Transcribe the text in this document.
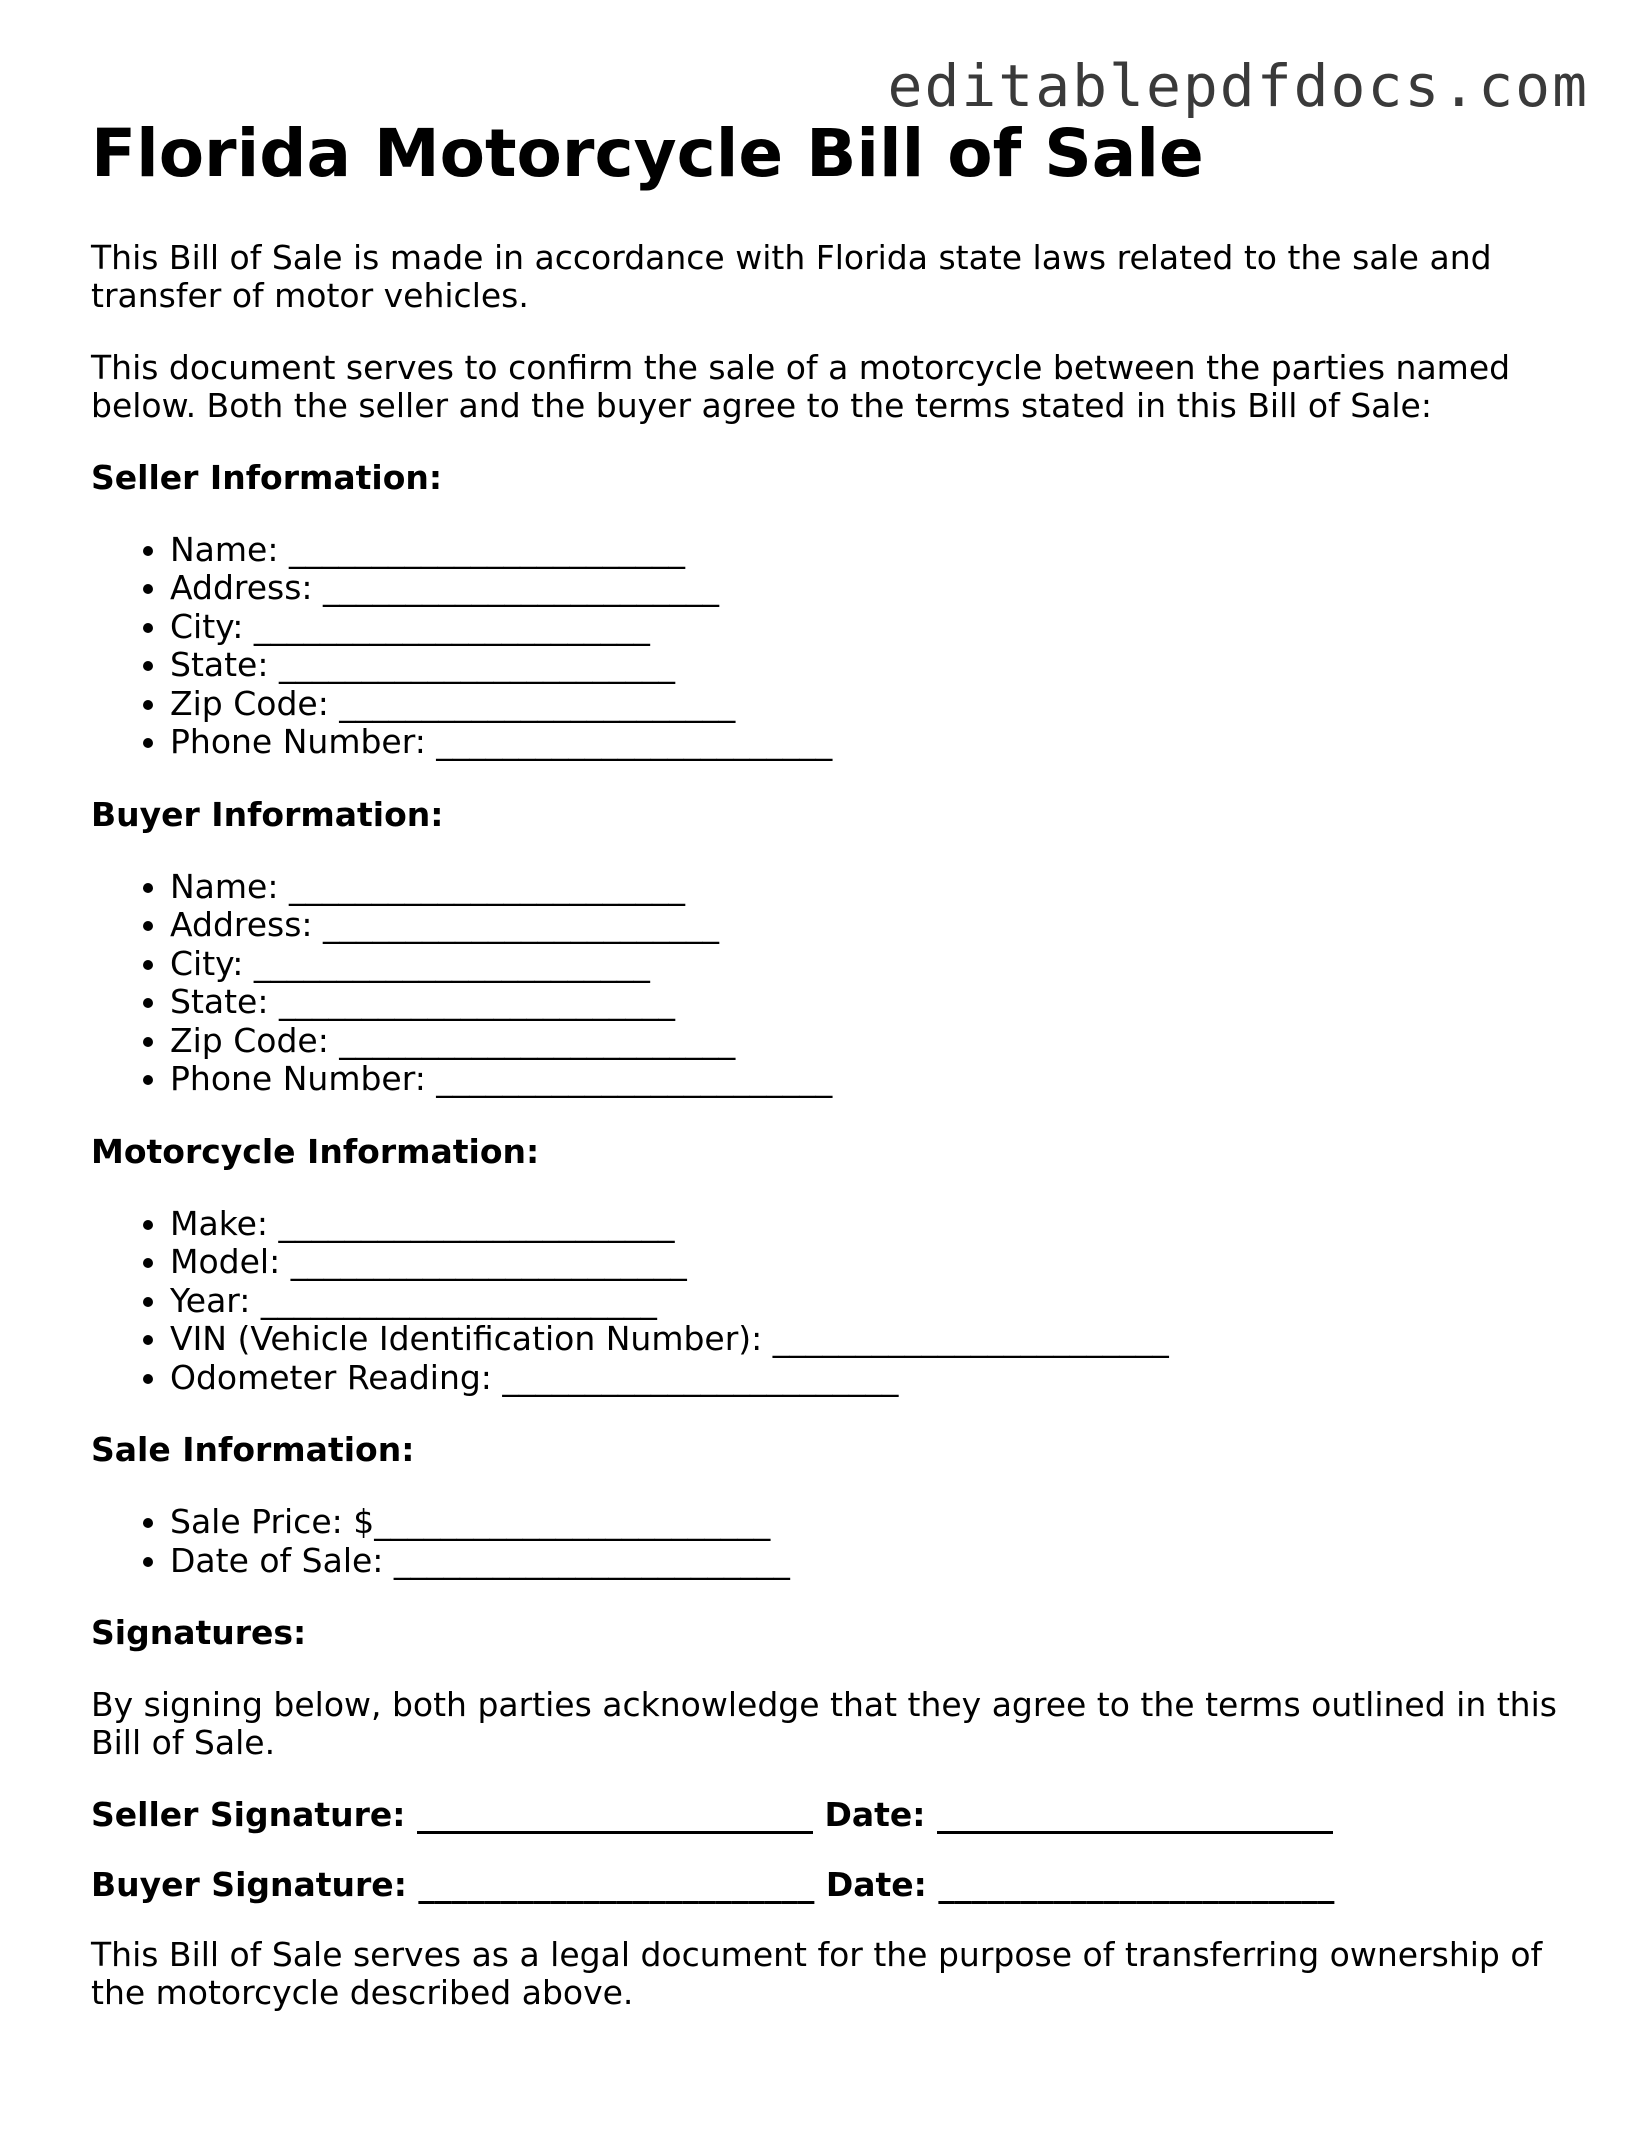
editablepdfdocs.com
Florida Motorcycle Bill of Sale

This Bill of Sale is made in accordance with Florida state laws related to the sale and transfer of motor vehicles.

This document serves to confirm the sale of a motorcycle between the parties named below. Both the seller and the buyer agree to the terms stated in this Bill of Sale:

Seller Information:
• Name: ________________________
• Address: ________________________
• City: ________________________
• State: ________________________
• Zip Code: ________________________
• Phone Number: ________________________
Buyer Information:
• Name: ________________________
• Address: ________________________
• City: ________________________
• State: ________________________
• Zip Code: ________________________
• Phone Number: ________________________
Motorcycle Information:
• Make: ________________________
• Model: ________________________
• Year: ________________________
• VIN (Vehicle Identification Number): ________________________
• Odometer Reading: ________________________
Sale Information:
• Sale Price: $________________________
• Date of Sale: ________________________
Signatures:

By signing below, both parties acknowledge that they agree to the terms outlined in this Bill of Sale.

Seller Signature: ________________________ Date: ________________________
Buyer Signature: ________________________ Date: ________________________

This Bill of Sale serves as a legal document for the purpose of transferring ownership of the motorcycle described above.
